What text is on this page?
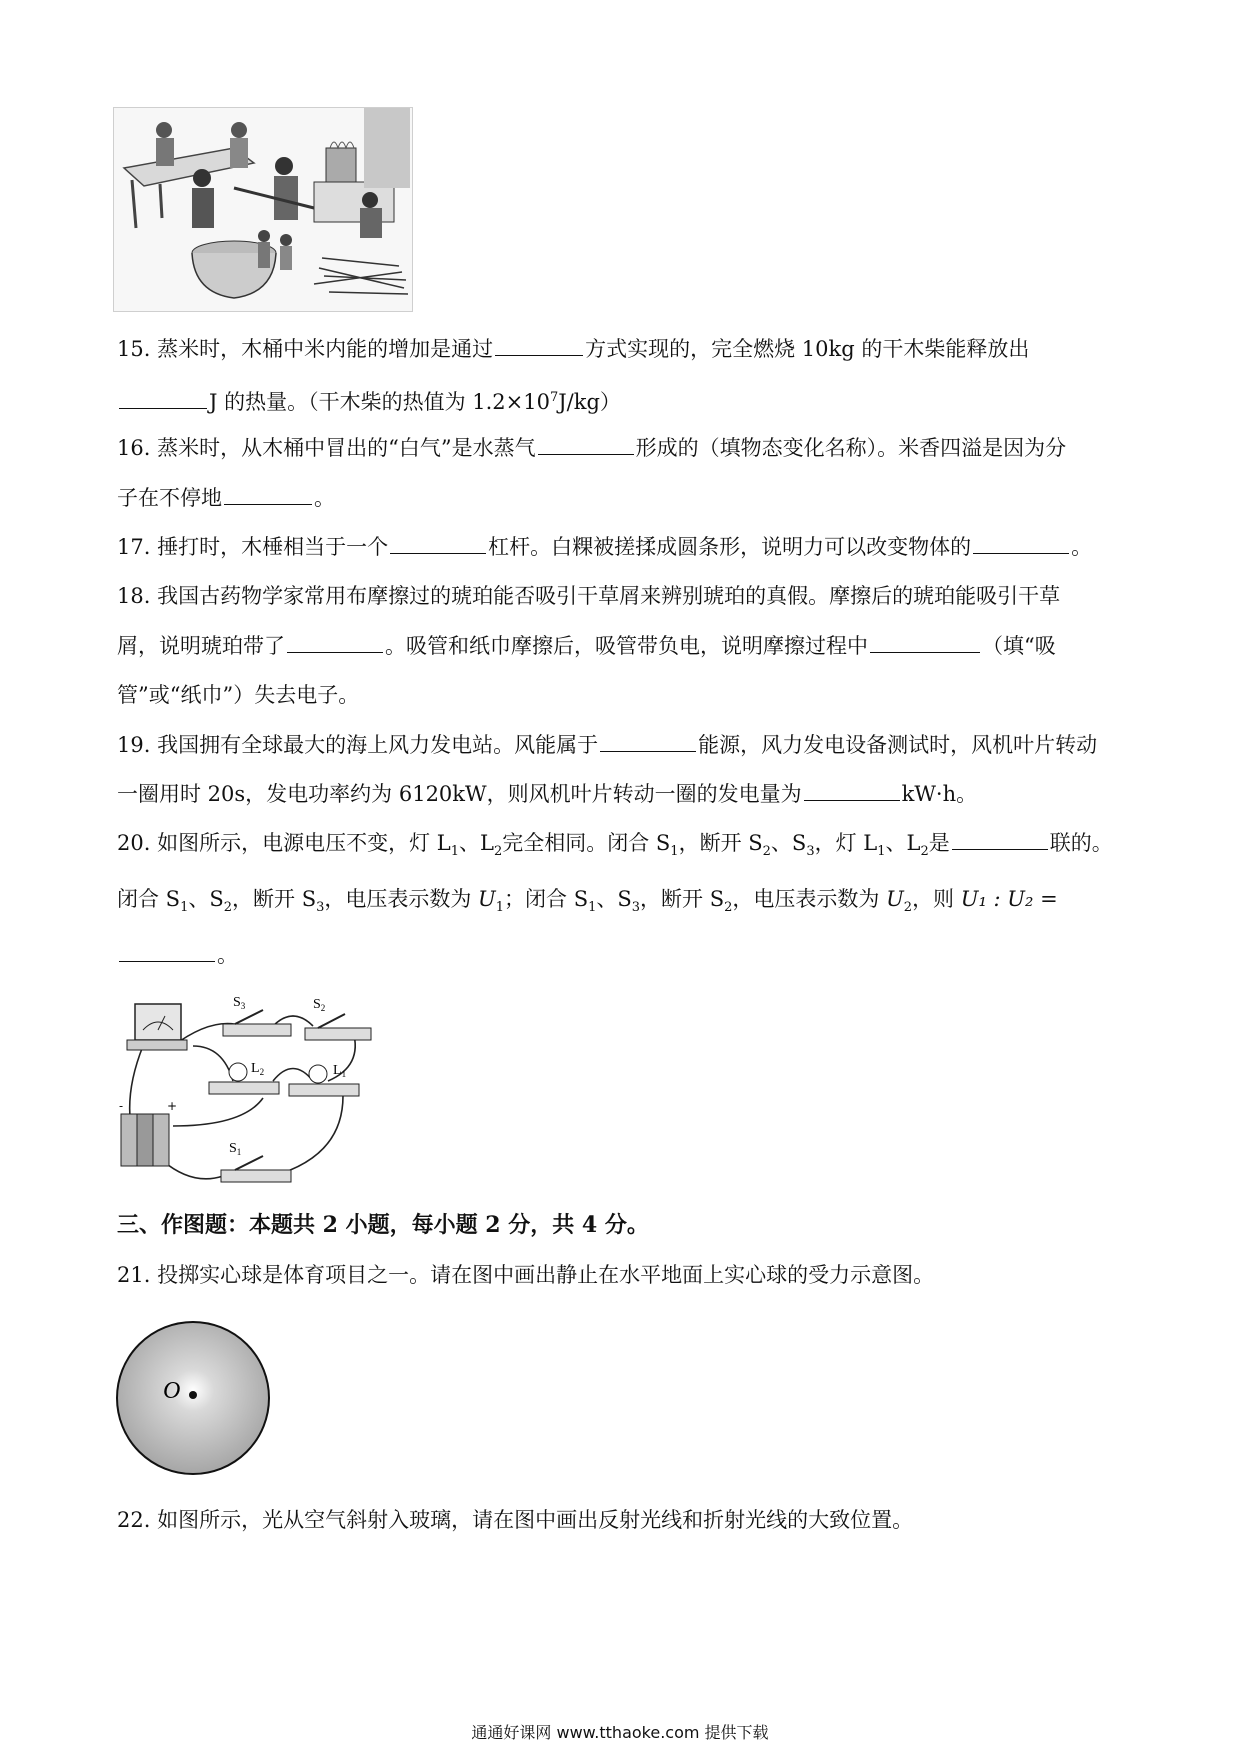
15. 蒸米时，木桶中米内能的增加是通过	方式实现的，完全燃烧 10kg 的干木柴能释放出
J 的热量。（干木柴的热值为 $1.2\times 10^7J/kg$）
16. 蒸米时，从木桶中冒出的“白气”是水蒸气	形成的（填物态变化名称）。米香四溢是因为分
子在不停地	。
17. 捶打时，木棰相当于一个	杠杆。白粿被搓揉成圆条形，说明力可以改变物体的	。
18. 我国古药物学家常用布摩擦过的琥珀能否吸引干草屑来辨别琥珀的真假。摩擦后的琥珀能吸引干草
屑，说明琥珀带了	。吸管和纸巾摩擦后，吸管带负电，说明摩擦过程中	（填“吸
管”或“纸巾”）失去电子。
19. 我国拥有全球最大的海上风力发电站。风能属于	能源，风力发电设备测试时，风机叶片转动
一圈用时 20s，发电功率约为 6120kW，则风机叶片转动一圈的发电量为	kW·h。
20. 如图所示，电源电压不变，灯 $L_1$、$L_2$完全相同。闭合 $S_1$，断开 $S_2$、$S_3$，灯 $L_1$、$L_2$是	联的。
闭合 $S_1$、$S_2$，断开 $S_3$，电压表示数为 $U_1$；闭合 $S_1$、$S_3$，断开 $S_2$，电压表示数为 $U_2$，则 U₁ : U₂ =
。
$S_3$	$S_2$
$L_2$	$L_1$
-	+
$S_1$
三、作图题：本题共 2 小题，每小题 2 分，共 4 分。
21. 投掷实心球是体育项目之一。请在图中画出静止在水平地面上实心球的受力示意图。
O
22. 如图所示，光从空气斜射入玻璃，请在图中画出反射光线和折射光线的大致位置。
通通好课网 www.tthaoke.com 提供下载
